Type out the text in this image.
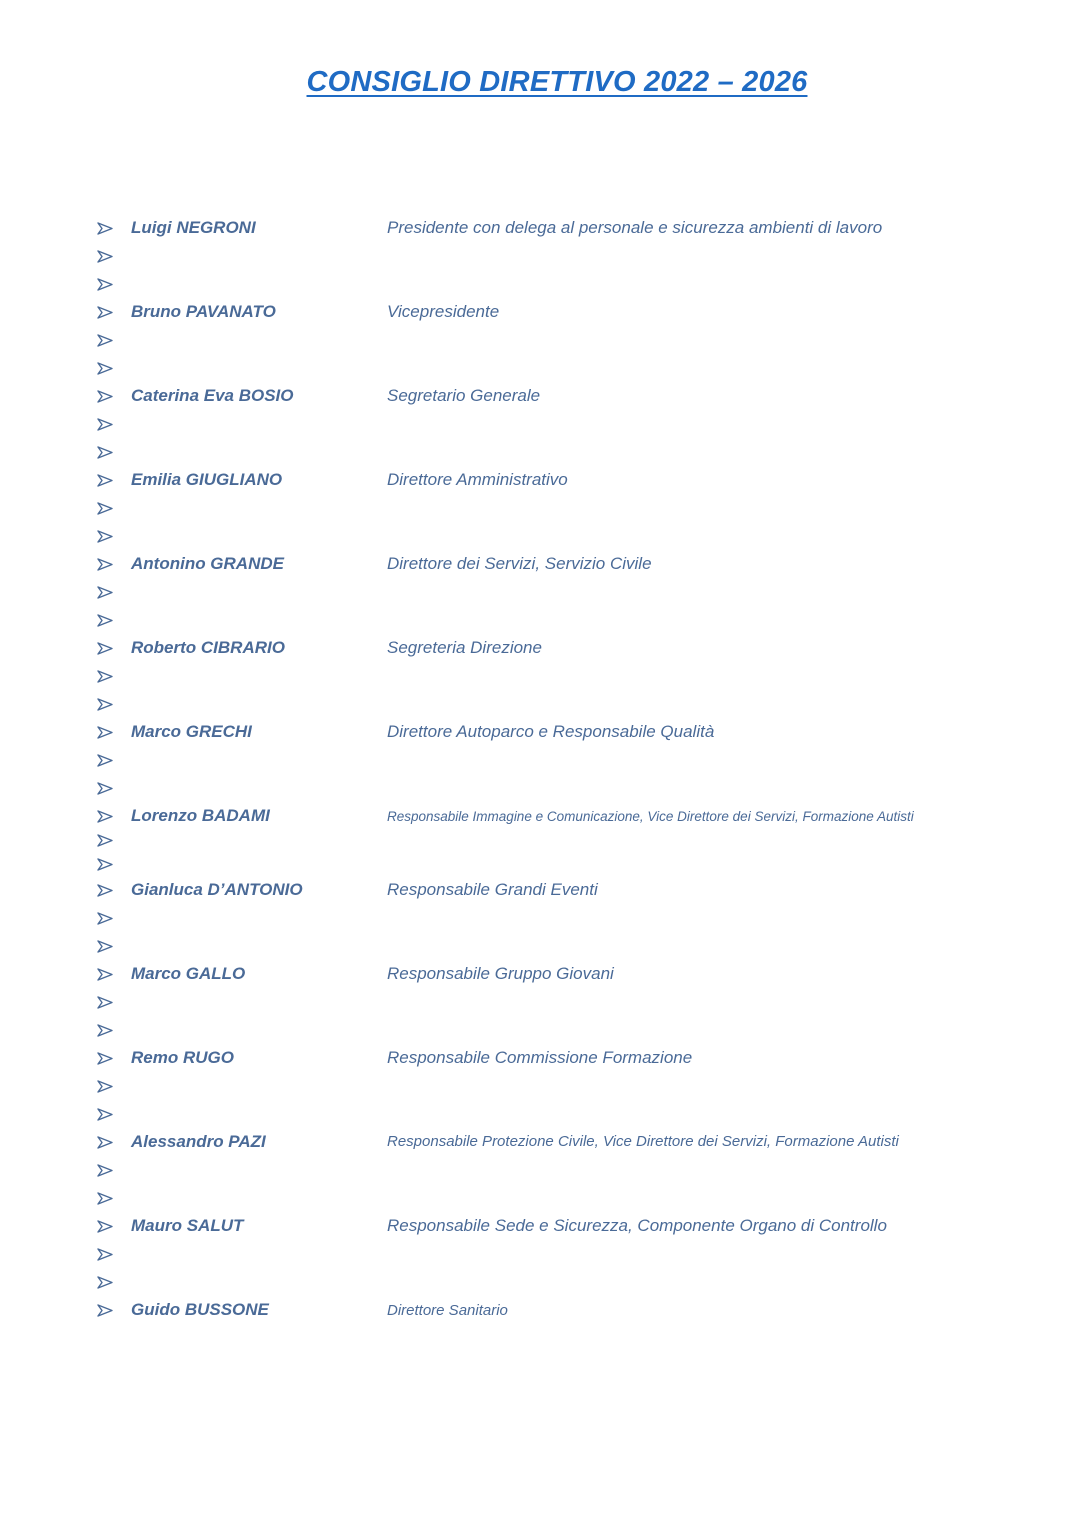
CONSIGLIO DIRETTIVO 2022 – 2026
Luigi NEGRONI	Presidente con delega al personale e sicurezza ambienti di lavoro
Bruno PAVANATO	Vicepresidente
Caterina Eva BOSIO	Segretario Generale
Emilia GIUGLIANO	Direttore Amministrativo
Antonino GRANDE	Direttore dei Servizi, Servizio Civile
Roberto CIBRARIO	Segreteria Direzione
Marco GRECHI	Direttore Autoparco e Responsabile Qualità
Lorenzo BADAMI	Responsabile Immagine e Comunicazione, Vice Direttore dei Servizi, Formazione Autisti
Gianluca D’ANTONIO	Responsabile Grandi Eventi
Marco GALLO	Responsabile Gruppo Giovani
Remo RUGO	Responsabile Commissione Formazione
Alessandro PAZI	Responsabile Protezione Civile, Vice Direttore dei Servizi, Formazione Autisti
Mauro SALUT	Responsabile Sede e Sicurezza, Componente Organo di Controllo
Guido BUSSONE	Direttore Sanitario
